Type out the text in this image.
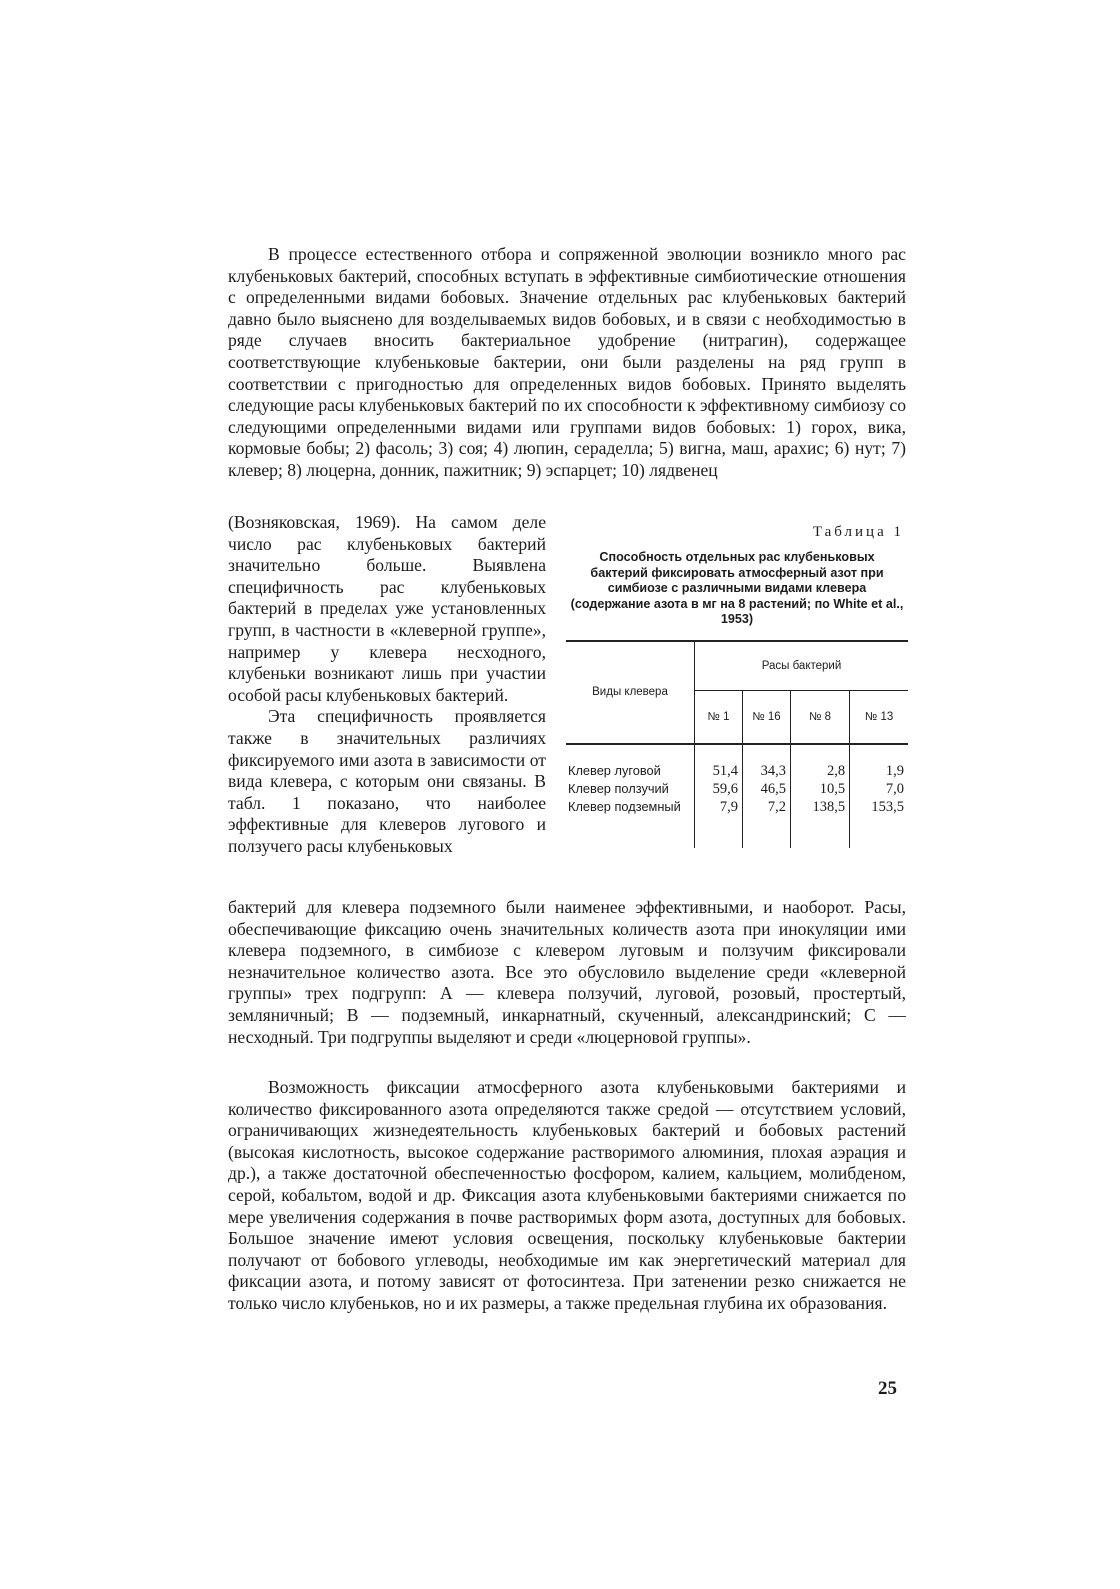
В процессе естественного отбора и сопряженной эволюции возникло много рас клубеньковых бактерий, способных вступать в эффективные симбиотические отношения с определенными видами бобовых. Значение отдельных рас клубеньковых бактерий давно было выяснено для возделываемых видов бобовых, и в связи с необходимостью в ряде случаев вносить бактериальное удобрение (нитрагин), содержащее соответствующие клубеньковые бактерии, они были разделены на ряд групп в соответствии с пригодностью для определенных видов бобовых. Принято выделять следующие расы клубеньковых бактерий по их способности к эффективному симбиозу со следующими определенными видами или группами видов бобовых: 1) горох, вика, кормовые бобы; 2) фасоль; 3) соя; 4) люпин, сераделла; 5) вигна, маш, арахис; 6) нут; 7) клевер; 8) люцерна, донник, пажитник; 9) эспарцет; 10) лядвенец

(Возняковская, 1969). На самом деле число рас клубеньковых бактерий значительно больше. Выявлена специфичность рас клубеньковых бактерий в пределах уже установленных групп, в частности в «клеверной группе», например у клевера несходного, клубеньки возникают лишь при участии особой расы клубеньковых бактерий.

Эта специфичность проявляется также в значительных различиях фиксируемого ими азота в зависимости от вида клевера, с которым они связаны. В табл. 1 показано, что наиболее эффективные для клеверов лугового и ползучего расы клубеньковых

Таблица 1
Способность отдельных рас клубеньковых бактерий фиксировать атмосферный азот при симбиозе с различными видами клевера (содержание азота в мг на 8 растений; по White et al., 1953)
Виды клевера	Расы бактерий			
	№ 1	№ 16	№ 8	№ 13
Клевер луговой	51,4	34,3	2,8	1,9
Клевер ползучий	59,6	46,5	10,5	7,0
Клевер подземный	7,9	7,2	138,5	153,5

бактерий для клевера подземного были наименее эффективными, и наоборот. Расы, обеспечивающие фиксацию очень значительных количеств азота при инокуляции ими клевера подземного, в симбиозе с клевером луговым и ползучим фиксировали незначительное количество азота. Все это обусловило выделение среди «клеверной группы» трех подгрупп: А — клевера ползучий, луговой, розовый, простертый, земляничный; В — подземный, инкарнатный, скученный, александринский; С — несходный. Три подгруппы выделяют и среди «люцерновой группы».

Возможность фиксации атмосферного азота клубеньковыми бактериями и количество фиксированного азота определяются также средой — отсутствием условий, ограничивающих жизнедеятельность клубеньковых бактерий и бобовых растений (высокая кислотность, высокое содержание растворимого алюминия, плохая аэрация и др.), а также достаточной обеспеченностью фосфором, калием, кальцием, молибденом, серой, кобальтом, водой и др. Фиксация азота клубеньковыми бактериями снижается по мере увеличения содержания в почве растворимых форм азота, доступных для бобовых. Большое значение имеют условия освещения, поскольку клубеньковые бактерии получают от бобового углеводы, необходимые им как энергетический материал для фиксации азота, и потому зависят от фотосинтеза. При затенении резко снижается не только число клубеньков, но и их размеры, а также предельная глубина их образования.

25
